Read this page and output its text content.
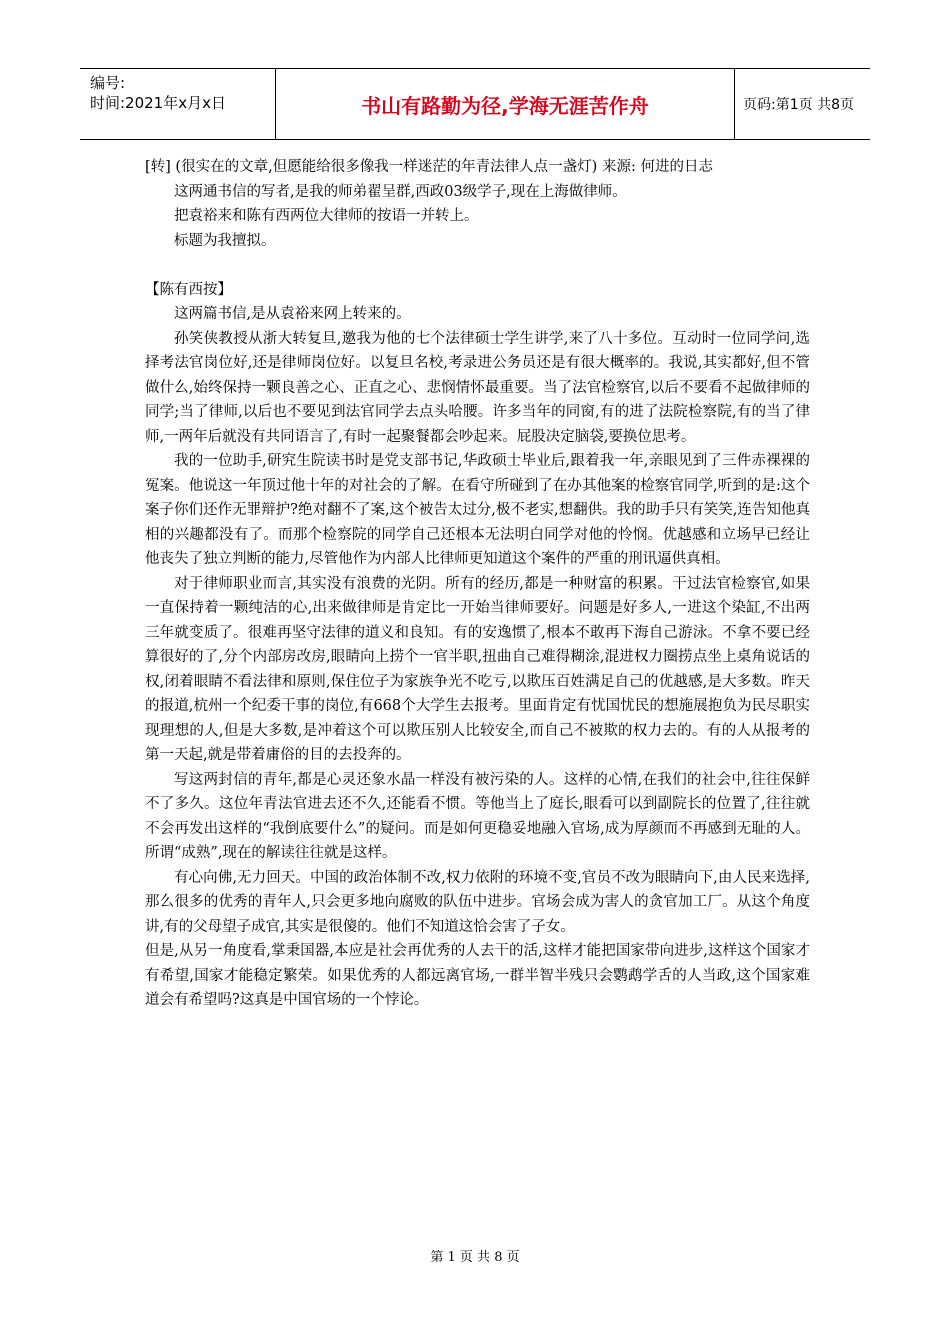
编号:
时间:2021年x月x日	书山有路勤为径,学海无涯苦作舟	页码:第1页 共8页

[转] (很实在的文章,但愿能给很多像我一样迷茫的年青法律人点一盏灯) 来源: 何进的日志

这两通书信的写者,是我的师弟翟呈群,西政03级学子,现在上海做律师。

把袁裕来和陈有西两位大律师的按语一并转上。

标题为我擅拟。

【陈有西按】

这两篇书信,是从袁裕来网上转来的。

孙笑侠教授从浙大转复旦,邀我为他的七个法律硕士学生讲学,来了八十多位。互动时一位同学问,选择考法官岗位好,还是律师岗位好。以复旦名校,考录进公务员还是有很大概率的。我说,其实都好,但不管做什么,始终保持一颗良善之心、正直之心、悲悯情怀最重要。当了法官检察官,以后不要看不起做律师的同学;当了律师,以后也不要见到法官同学去点头哈腰。许多当年的同窗,有的进了法院检察院,有的当了律师,一两年后就没有共同语言了,有时一起聚餐都会吵起来。屁股决定脑袋,要换位思考。

我的一位助手,研究生院读书时是党支部书记,华政硕士毕业后,跟着我一年,亲眼见到了三件赤裸裸的冤案。他说这一年顶过他十年的对社会的了解。在看守所碰到了在办其他案的检察官同学,听到的是:这个案子你们还作无罪辩护?绝对翻不了案,这个被告太过分,极不老实,想翻供。我的助手只有笑笑,连告知他真相的兴趣都没有了。而那个检察院的同学自己还根本无法明白同学对他的怜悯。优越感和立场早已经让他丧失了独立判断的能力,尽管他作为内部人比律师更知道这个案件的严重的刑讯逼供真相。

对于律师职业而言,其实没有浪费的光阴。所有的经历,都是一种财富的积累。干过法官检察官,如果一直保持着一颗纯洁的心,出来做律师是肯定比一开始当律师要好。问题是好多人,一进这个染缸,不出两三年就变质了。很难再坚守法律的道义和良知。有的安逸惯了,根本不敢再下海自己游泳。不拿不要已经算很好的了,分个内部房改房,眼睛向上捞个一官半职,扭曲自己难得糊涂,混进权力圈捞点坐上桌角说话的权,闭着眼睛不看法律和原则,保住位子为家族争光不吃亏,以欺压百姓满足自己的优越感,是大多数。昨天的报道,杭州一个纪委干事的岗位,有668个大学生去报考。里面肯定有忧国忧民的想施展抱负为民尽职实现理想的人,但是大多数,是冲着这个可以欺压别人比较安全,而自己不被欺的权力去的。有的人从报考的第一天起,就是带着庸俗的目的去投奔的。

写这两封信的青年,都是心灵还象水晶一样没有被污染的人。这样的心情,在我们的社会中,往往保鲜不了多久。这位年青法官进去还不久,还能看不惯。等他当上了庭长,眼看可以到副院长的位置了,往往就不会再发出这样的“我倒底要什么”的疑问。而是如何更稳妥地融入官场,成为厚颜而不再感到无耻的人。所谓“成熟”,现在的解读往往就是这样。

有心向佛,无力回天。中国的政治体制不改,权力依附的环境不变,官员不改为眼睛向下,由人民来选择,那么很多的优秀的青年人,只会更多地向腐败的队伍中进步。官场会成为害人的贪官加工厂。从这个角度讲,有的父母望子成官,其实是很傻的。他们不知道这恰会害了子女。

但是,从另一角度看,掌秉国器,本应是社会再优秀的人去干的活,这样才能把国家带向进步,这样这个国家才有希望,国家才能稳定繁荣。如果优秀的人都远离官场,一群半智半残只会鹦鹉学舌的人当政,这个国家难道会有希望吗?这真是中国官场的一个悖论。

第 1 页 共 8 页
